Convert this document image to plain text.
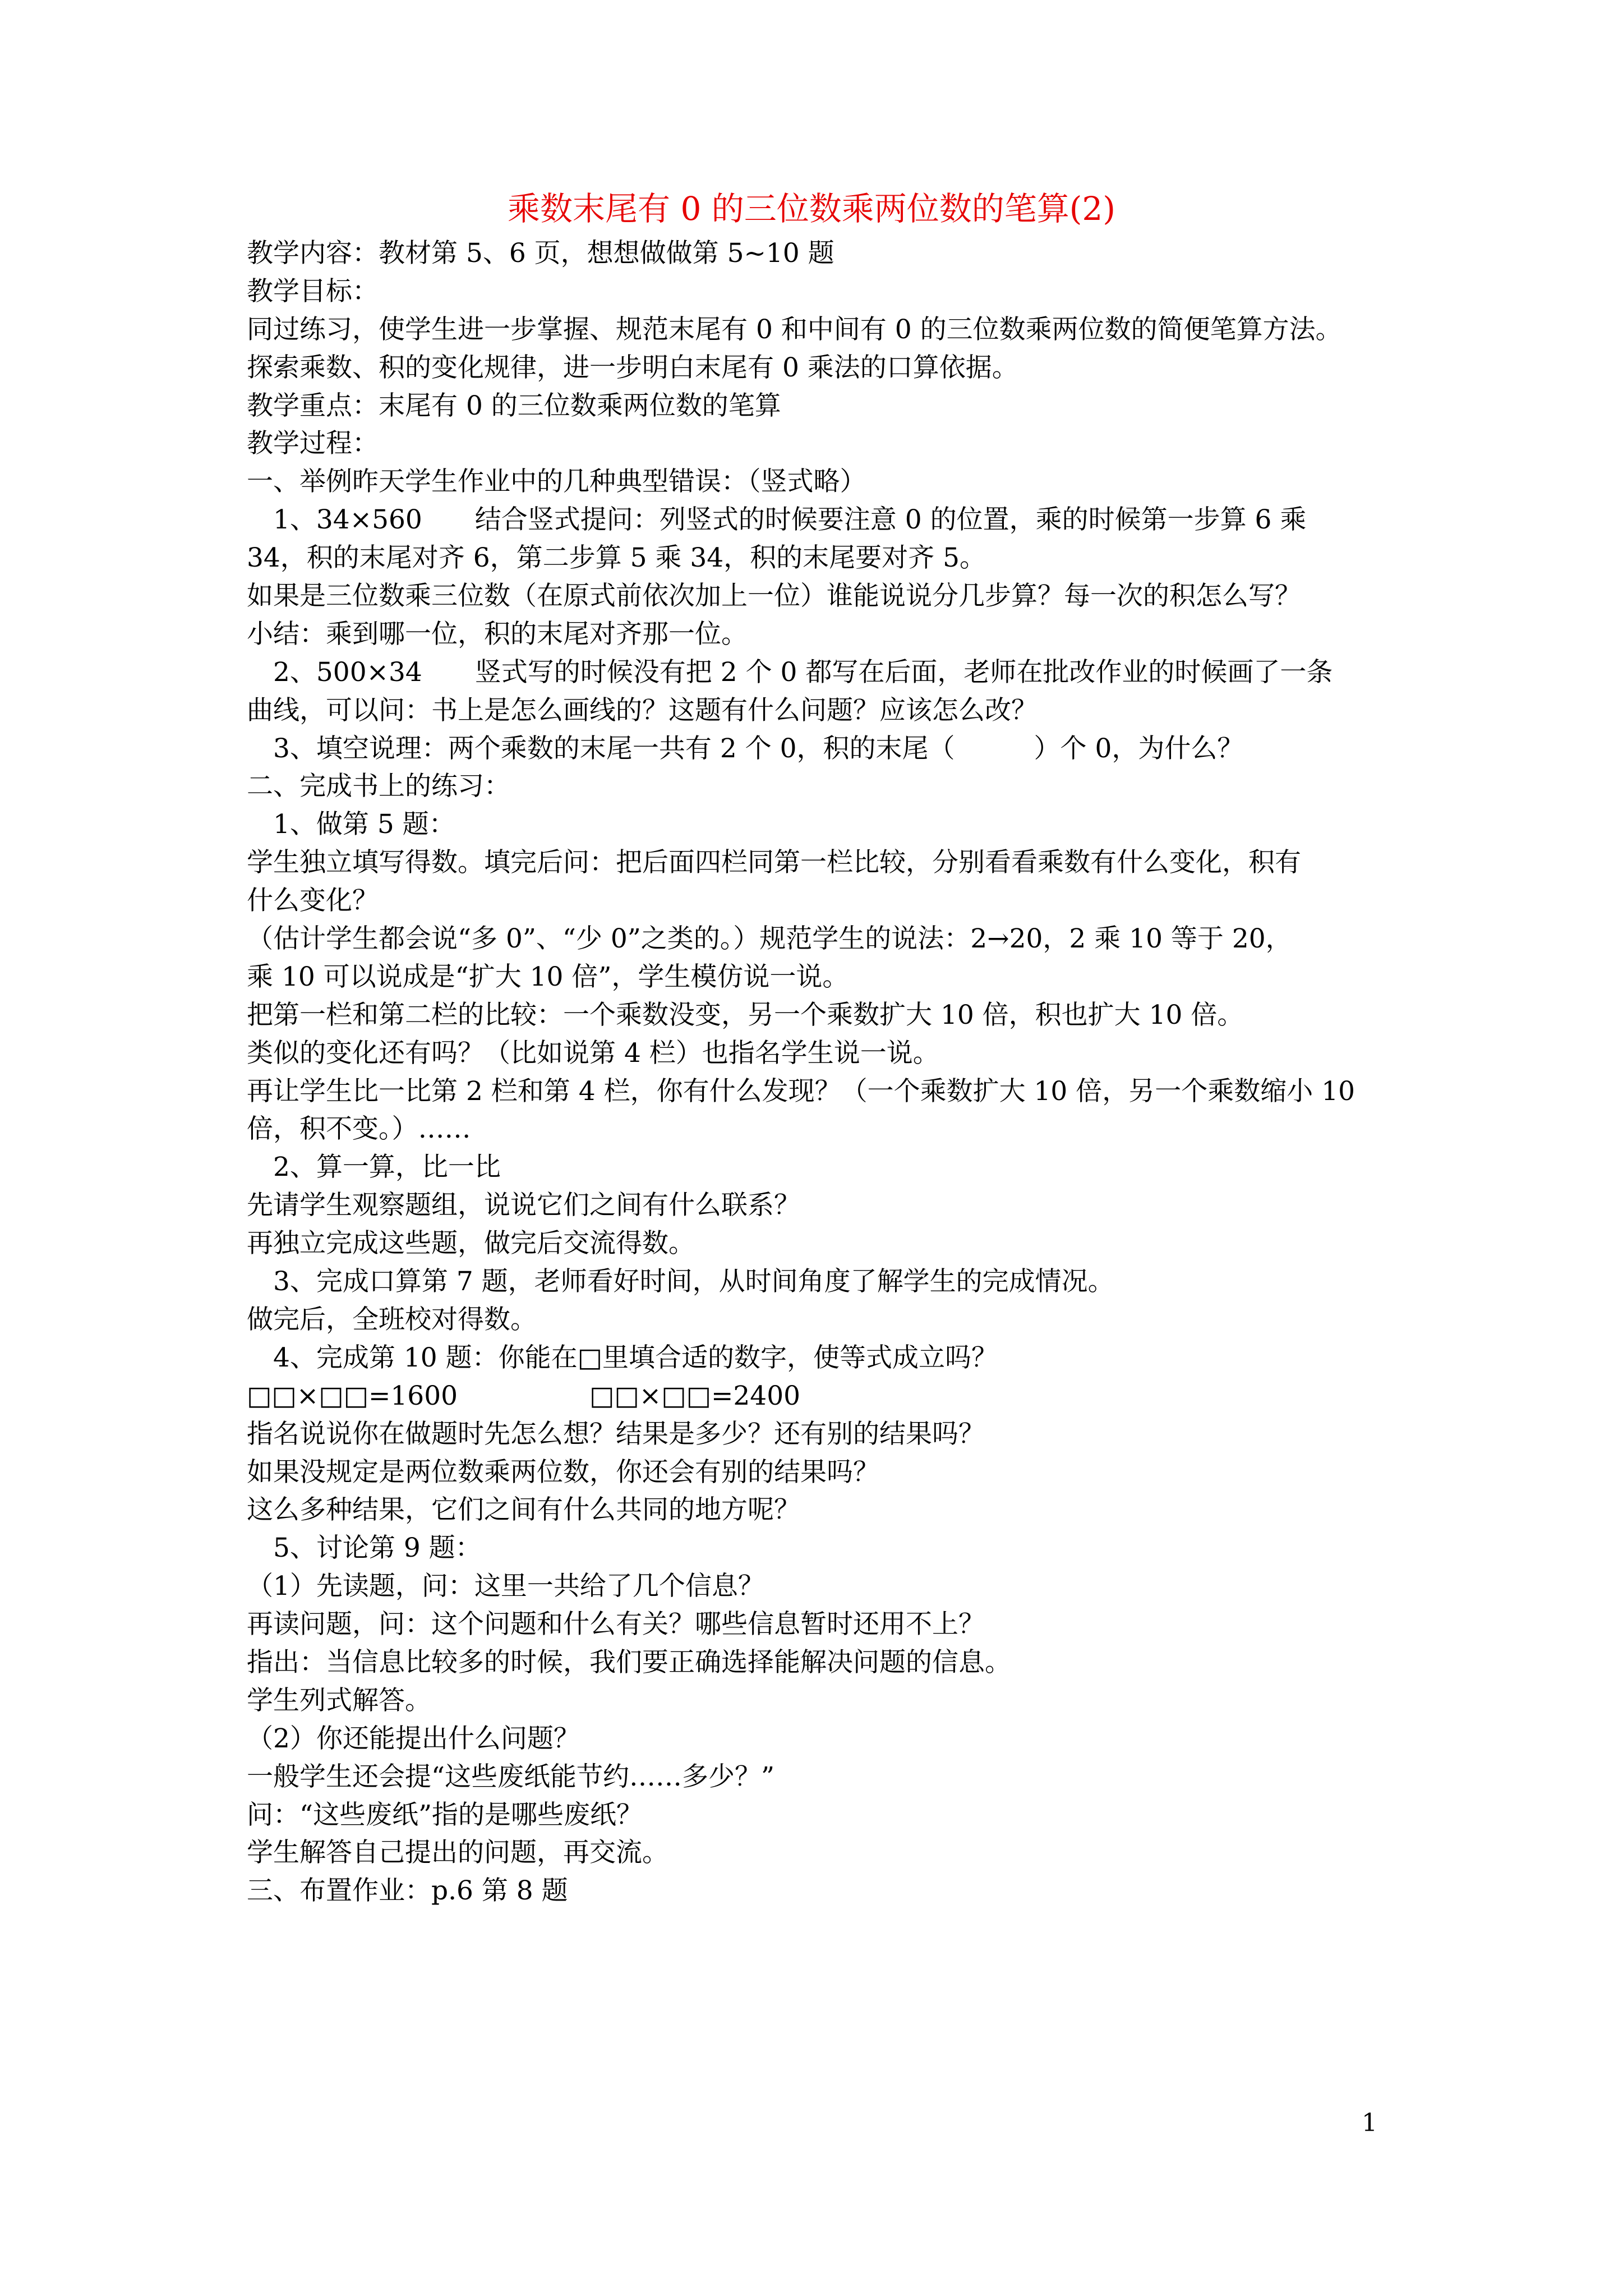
乘数末尾有 0 的三位数乘两位数的笔算(2)
教学内容：教材第 5、6 页，想想做做第 5~10 题
教学目标：
同过练习，使学生进一步掌握、规范末尾有 0 和中间有 0 的三位数乘两位数的简便笔算方法。
探索乘数、积的变化规律，进一步明白末尾有 0 乘法的口算依据。
教学重点：末尾有 0 的三位数乘两位数的笔算
教学过程：
一、举例昨天学生作业中的几种典型错误：（竖式略）
1、34×560　　结合竖式提问：列竖式的时候要注意 0 的位置，乘的时候第一步算 6 乘
34，积的末尾对齐 6，第二步算 5 乘 34，积的末尾要对齐 5。
如果是三位数乘三位数（在原式前依次加上一位）谁能说说分几步算？每一次的积怎么写？
小结：乘到哪一位，积的末尾对齐那一位。
2、500×34　　竖式写的时候没有把 2 个 0 都写在后面，老师在批改作业的时候画了一条
曲线，可以问：书上是怎么画线的？这题有什么问题？应该怎么改？
3、填空说理：两个乘数的末尾一共有 2 个 0，积的末尾（　　　）个 0，为什么？
二、完成书上的练习：
1、做第 5 题：
学生独立填写得数。填完后问：把后面四栏同第一栏比较，分别看看乘数有什么变化，积有
什么变化？
（估计学生都会说“多 0”、“少 0”之类的。）规范学生的说法：2→20，2 乘 10 等于 20，
乘 10 可以说成是“扩大 10 倍”，学生模仿说一说。
把第一栏和第二栏的比较：一个乘数没变，另一个乘数扩大 10 倍，积也扩大 10 倍。
类似的变化还有吗？（比如说第 4 栏）也指名学生说一说。
再让学生比一比第 2 栏和第 4 栏，你有什么发现？（一个乘数扩大 10 倍，另一个乘数缩小 10
倍，积不变。）……
2、算一算，比一比
先请学生观察题组，说说它们之间有什么联系？
再独立完成这些题，做完后交流得数。
3、完成口算第 7 题，老师看好时间，从时间角度了解学生的完成情况。
做完后，全班校对得数。
4、完成第 10 题：你能在□里填合适的数字，使等式成立吗？
□□×□□=1600　　　　　□□×□□=2400
指名说说你在做题时先怎么想？结果是多少？还有别的结果吗？
如果没规定是两位数乘两位数，你还会有别的结果吗？
这么多种结果，它们之间有什么共同的地方呢？
5、讨论第 9 题：
（1）先读题，问：这里一共给了几个信息？
再读问题，问：这个问题和什么有关？哪些信息暂时还用不上？
指出：当信息比较多的时候，我们要正确选择能解决问题的信息。
学生列式解答。
（2）你还能提出什么问题？
一般学生还会提“这些废纸能节约……多少？”
问：“这些废纸”指的是哪些废纸？
学生解答自己提出的问题，再交流。
三、布置作业：p.6 第 8 题
1
